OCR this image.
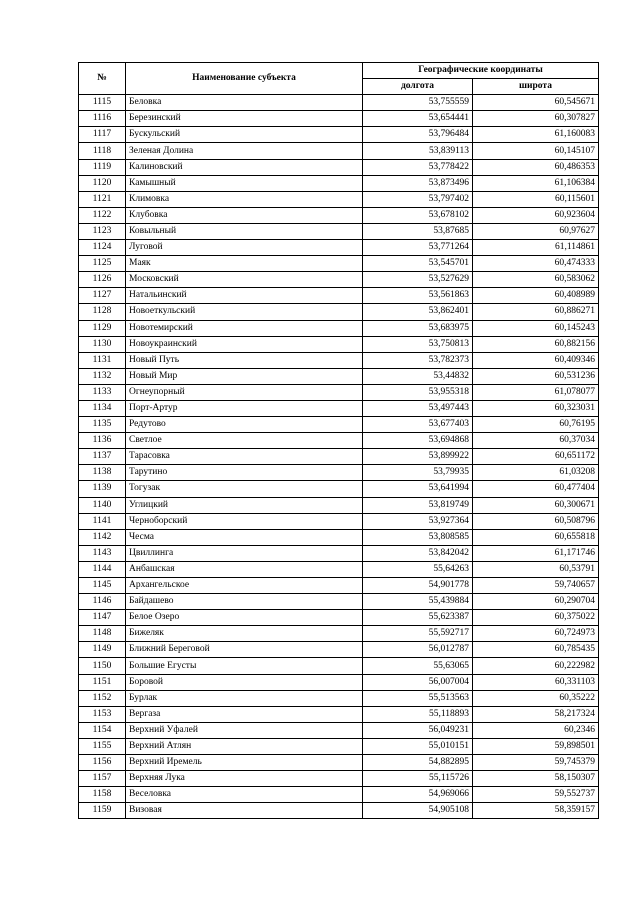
№	Наименование субъекта	Географические координаты	
		долгота	широта
1115	Беловка	53,755559	60,545671
1116	Березинский	53,654441	60,307827
1117	Бускульский	53,796484	61,160083
1118	Зеленая Долина	53,839113	60,145107
1119	Калиновский	53,778422	60,486353
1120	Камышный	53,873496	61,106384
1121	Климовка	53,797402	60,115601
1122	Клубовка	53,678102	60,923604
1123	Ковыльный	53,87685	60,97627
1124	Луговой	53,771264	61,114861
1125	Маяк	53,545701	60,474333
1126	Московский	53,527629	60,583062
1127	Натальинский	53,561863	60,408989
1128	Новоеткульский	53,862401	60,886271
1129	Новотемирский	53,683975	60,145243
1130	Новоукраинский	53,750813	60,882156
1131	Новый Путь	53,782373	60,409346
1132	Новый Мир	53,44832	60,531236
1133	Огнеупорный	53,955318	61,078077
1134	Порт-Артур	53,497443	60,323031
1135	Редутово	53,677403	60,76195
1136	Светлое	53,694868	60,37034
1137	Тарасовка	53,899922	60,651172
1138	Тарутино	53,79935	61,03208
1139	Тогузак	53,641994	60,477404
1140	Углицкий	53,819749	60,300671
1141	Черноборский	53,927364	60,508796
1142	Чесма	53,808585	60,655818
1143	Цвиллинга	53,842042	61,171746
1144	Анбашская	55,64263	60,53791
1145	Архангельское	54,901778	59,740657
1146	Байдашево	55,439884	60,290704
1147	Белое Озеро	55,623387	60,375022
1148	Бижеляк	55,592717	60,724973
1149	Ближний Береговой	56,012787	60,785435
1150	Большие Егусты	55,63065	60,222982
1151	Боровой	56,007004	60,331103
1152	Бурлак	55,513563	60,35222
1153	Вергаза	55,118893	58,217324
1154	Верхний Уфалей	56,049231	60,2346
1155	Верхний Атлян	55,010151	59,898501
1156	Верхний Иремель	54,882895	59,745379
1157	Верхняя Лука	55,115726	58,150307
1158	Веселовка	54,969066	59,552737
1159	Визовая	54,905108	58,359157
